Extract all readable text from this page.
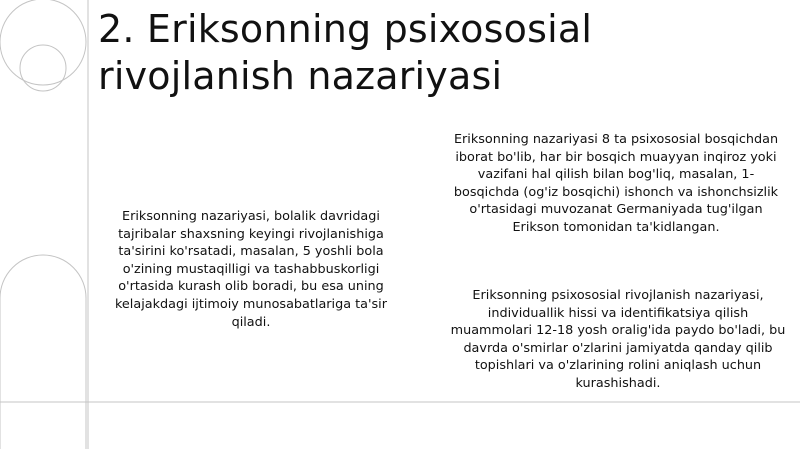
2. Eriksonning psixososial rivojlanish nazariyasi

Eriksonning nazariyasi, bolalik davridagi tajribalar shaxsning keyingi rivojlanishiga ta'sirini ko'rsatadi, masalan, 5 yoshli bola o'zining mustaqilligi va tashabbuskorligi o'rtasida kurash olib boradi, bu esa uning kelajakdagi ijtimoiy munosabatlariga ta'sir qiladi.

Eriksonning nazariyasi 8 ta psixososial bosqichdan iborat bo'lib, har bir bosqich muayyan inqiroz yoki vazifani hal qilish bilan bog'liq, masalan, 1-bosqichda (og'iz bosqichi) ishonch va ishonchsizlik o'rtasidagi muvozanat Germaniyada tug'ilgan Erikson tomonidan ta'kidlangan.

Eriksonning psixososial rivojlanish nazariyasi, individuallik hissi va identifikatsiya qilish muammolari 12-18 yosh oralig'ida paydo bo'ladi, bu davrda o'smirlar o'zlarini jamiyatda qanday qilib topishlari va o'zlarining rolini aniqlash uchun kurashishadi.
